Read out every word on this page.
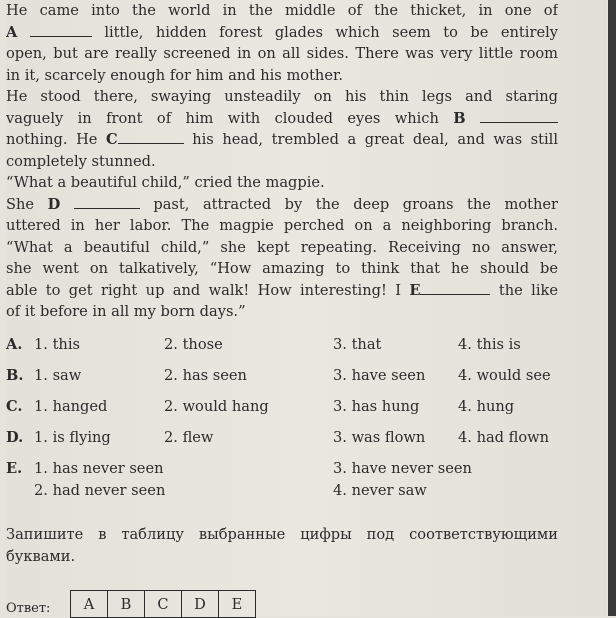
He came into the world in the middle of the thicket, in one of
A	little, hidden forest glades which seem to be entirely
open, but are really screened in on all sides. There was very little room
in it, scarcely enough for him and his mother.
He stood there, swaying unsteadily on his thin legs and staring
vaguely in front of him with clouded eyes which B
nothing. He C	his head, trembled a great deal, and was still
completely stunned.
“What a beautiful child,” cried the magpie.
She D	past, attracted by the deep groans the mother
uttered in her labor. The magpie perched on a neighboring branch.
“What a beautiful child,” she kept repeating. Receiving no answer,
she went on talkatively, “How amazing to think that he should be
able to get right up and walk! How interesting! I E	the like
of it before in all my born days.”
A. 1. this	2. those	3. that	4. this is
B. 1. saw	2. has seen	3. have seen 4. would see
C. 1. hanged	2. would hang	3. has hung	4. hung
D. 1. is flying	2. flew	3. was flown 4. had flown
E. 1. has never seen	3. have never seen
2. had never seen	4. never saw
Запишите в таблицу выбранные цифры под соответствующими
буквами.
Ответ: A	B	C	D	E
